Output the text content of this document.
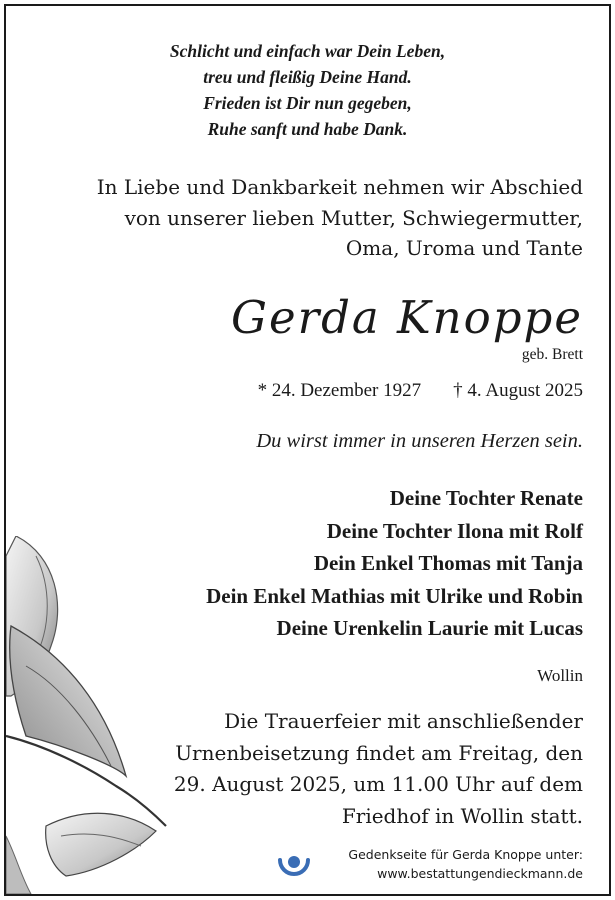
Schlicht und einfach war Dein Leben,
treu und fleißig Deine Hand.
Frieden ist Dir nun gegeben,
Ruhe sanft und habe Dank.
In Liebe und Dankbarkeit nehmen wir Abschied
von unserer lieben Mutter, Schwiegermutter,
Oma, Uroma und Tante
Gerda Knoppe
geb. Brett
* 24. Dezember 1927 † 4. August 2025
Du wirst immer in unseren Herzen sein.
Deine Tochter Renate
Deine Tochter Ilona mit Rolf
Dein Enkel Thomas mit Tanja
Dein Enkel Mathias mit Ulrike und Robin
Deine Urenkelin Laurie mit Lucas
Wollin
Die Trauerfeier mit anschließender
Urnenbeisetzung findet am Freitag, den
29. August 2025, um 11.00 Uhr auf dem
Friedhof in Wollin statt.
Gedenkseite für Gerda Knoppe unter:
www.bestattungendieckmann.de
